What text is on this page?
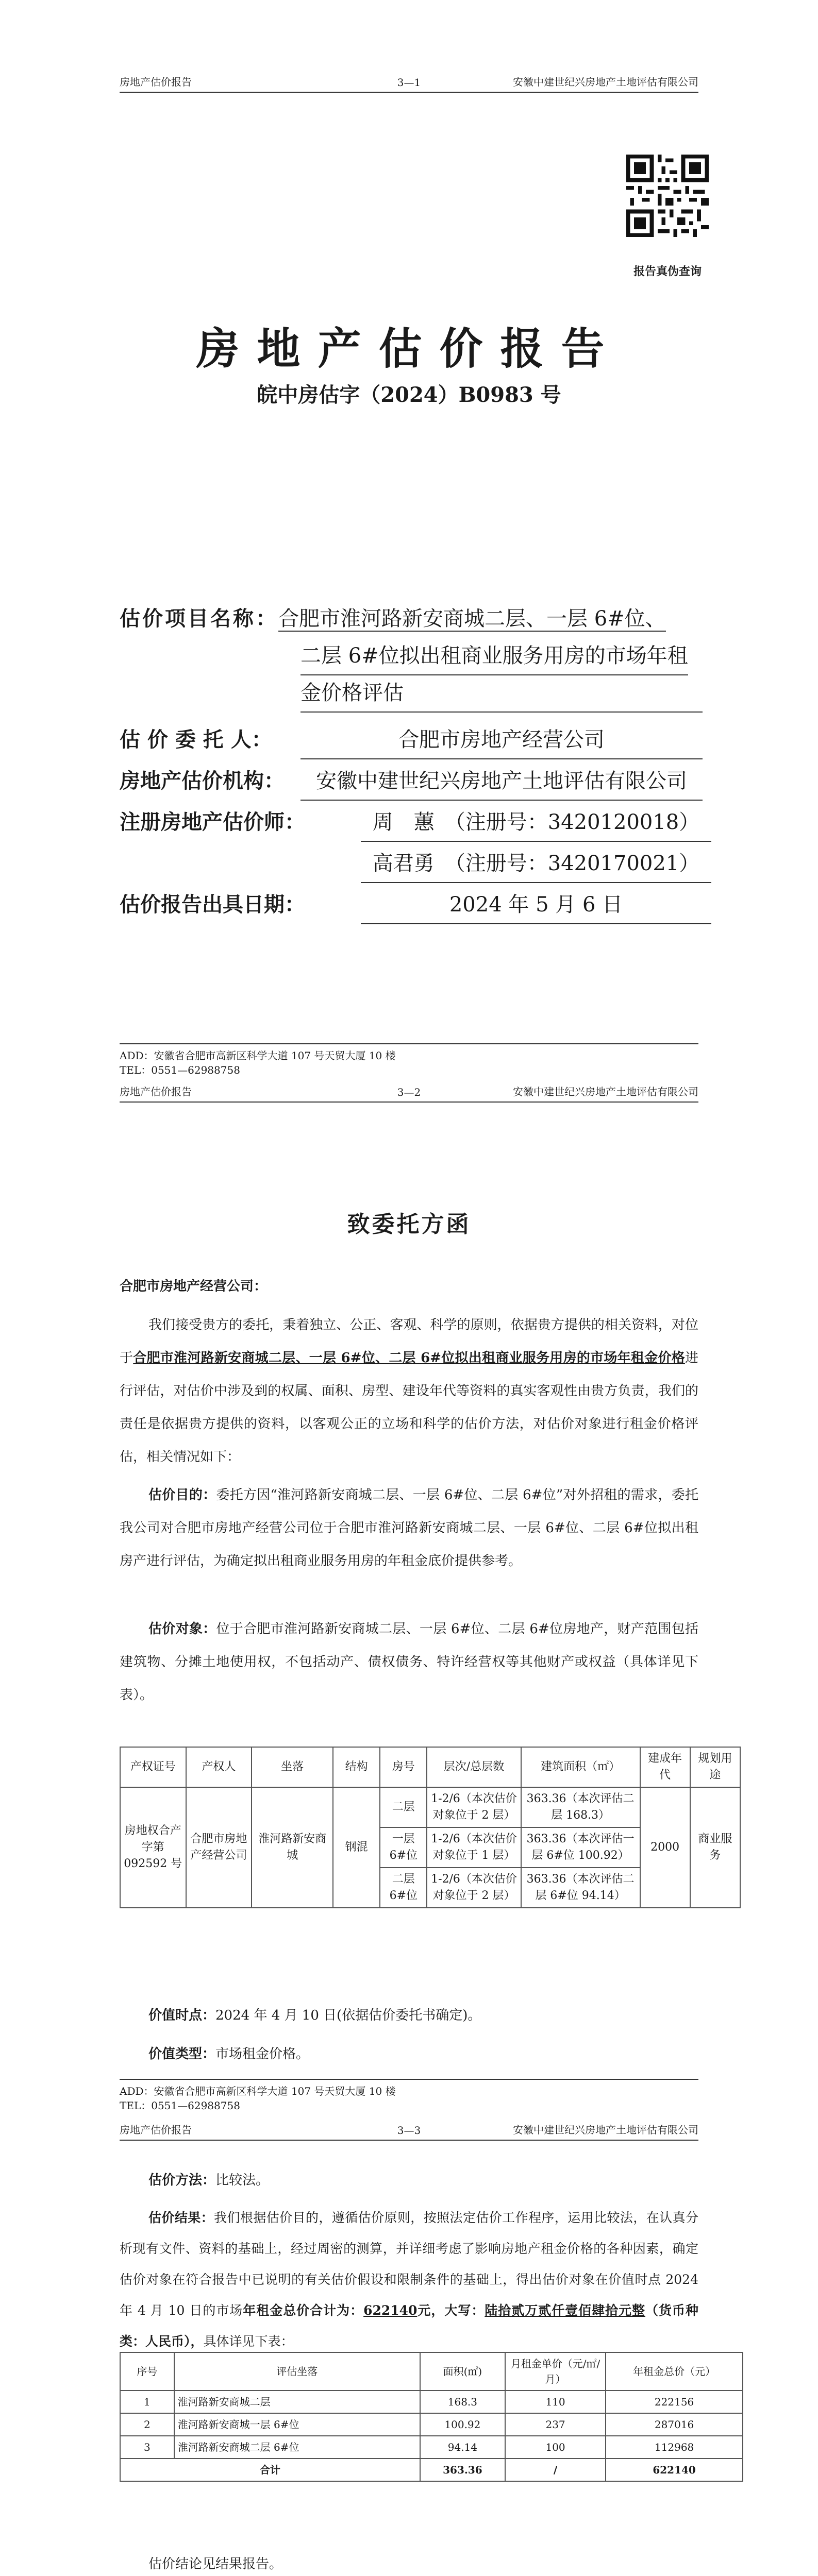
房地产估价报告	3—1	安徽中建世纪兴房地产土地评估有限公司
报告真伪查询
房地产估价报告
皖中房估字（2024）B0983 号
估价项目名称：合肥市淮河路新安商城二层、一层 6#位、
二层 6#位拟出租商业服务用房的市场年租
金价格评估
估 价 委 托 人：	合肥市房地产经营公司
房地产估价机构：	安徽中建世纪兴房地产土地评估有限公司
注册房地产估价师：	周　蕙　（注册号：3420120018）
高君勇　（注册号：3420170021）
估价报告出具日期：	2024 年 5 月 6 日
ADD：安徽省合肥市高新区科学大道 107 号天贸大厦 10 楼
TEL：0551—62988758
房地产估价报告	3—2	安徽中建世纪兴房地产土地评估有限公司
致委托方函
合肥市房地产经营公司：
我们接受贵方的委托，秉着独立、公正、客观、科学的原则，依据贵方提供的相关资料，对位于合肥市淮河路新安商城二层、一层 6#位、二层 6#位拟出租商业服务用房的市场年租金价格进行评估，对估价中涉及到的权属、面积、房型、建设年代等资料的真实客观性由贵方负责，我们的责任是依据贵方提供的资料，以客观公正的立场和科学的估价方法，对估价对象进行租金价格评估，相关情况如下：
估价目的：委托方因“淮河路新安商城二层、一层 6#位、二层 6#位”对外招租的需求，委托我公司对合肥市房地产经营公司位于合肥市淮河路新安商城二层、一层 6#位、二层 6#位拟出租房产进行评估，为确定拟出租商业服务用房的年租金底价提供参考。
估价对象：位于合肥市淮河路新安商城二层、一层 6#位、二层 6#位房地产，财产范围包括建筑物、分摊土地使用权，不包括动产、债权债务、特许经营权等其他财产或权益（具体详见下表）。
产权证号	产权人	坐落	结构	房号	层次/总层数	建筑面积（㎡）	建成年代	规划用途
房地权合产字第 092592 号	合肥市房地产经营公司	淮河路新安商城	钢混	二层	1-2/6（本次估价对象位于 2 层）	363.36（本次评估二层 168.3）	2000	商业服务
				一层 6#位	1-2/6（本次估价对象位于 1 层）	363.36（本次评估一层 6#位 100.92）		
				二层 6#位	1-2/6（本次估价对象位于 2 层）	363.36（本次评估二层 6#位 94.14）		
价值时点：2024 年 4 月 10 日(依据估价委托书确定)。
价值类型：市场租金价格。
ADD：安徽省合肥市高新区科学大道 107 号天贸大厦 10 楼
TEL：0551—62988758
房地产估价报告	3—3	安徽中建世纪兴房地产土地评估有限公司
估价方法：比较法。
估价结果：我们根据估价目的，遵循估价原则，按照法定估价工作程序，运用比较法，在认真分析现有文件、资料的基础上，经过周密的测算，并详细考虑了影响房地产租金价格的各种因素，确定估价对象在符合报告中已说明的有关估价假设和限制条件的基础上，得出估价对象在价值时点 2024 年 4 月 10 日的市场年租金总价合计为：622140元，大写：陆拾贰万贰仟壹佰肆拾元整（货币种类：人民币），具体详见下表：
序号	评估坐落	面积(㎡)	月租金单价（元/㎡/月）	年租金总价（元）
1	淮河路新安商城二层	168.3	110	222156
2	淮河路新安商城一层 6#位	100.92	237	287016
3	淮河路新安商城二层 6#位	94.14	100	112968
合计		363.36	/	622140
估价结论见结果报告。
